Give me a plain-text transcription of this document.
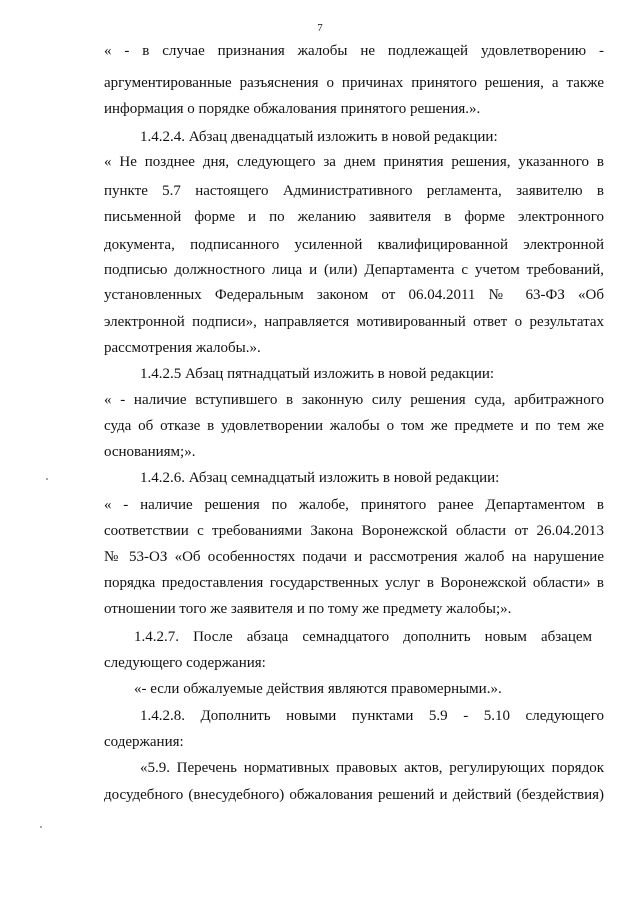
7
« - в случае признания жалобы не подлежащей удовлетворению -
аргументированные разъяснения о причинах принятого решения, а также
информация о порядке обжалования принятого решения.».
1.4.2.4. Абзац двенадцатый изложить в новой редакции:
« Не позднее дня, следующего за днем принятия решения, указанного в
пункте 5.7 настоящего Административного регламента, заявителю в
письменной форме и по желанию заявителя в форме электронного
документа, подписанного усиленной квалифицированной электронной
подписью должностного лица и (или) Департамента с учетом требований,
установленных Федеральным законом от 06.04.2011 № 63-ФЗ «Об
электронной подписи», направляется мотивированный ответ о результатах
рассмотрения жалобы.».
1.4.2.5 Абзац пятнадцатый изложить в новой редакции:
« - наличие вступившего в законную силу решения суда, арбитражного
суда об отказе в удовлетворении жалобы о том же предмете и по тем же
основаниям;».
1.4.2.6. Абзац семнадцатый изложить в новой редакции:
« - наличие решения по жалобе, принятого ранее Департаментом в
соответствии с требованиями Закона Воронежской области от 26.04.2013
№ 53-ОЗ «Об особенностях подачи и рассмотрения жалоб на нарушение
порядка предоставления государственных услуг в Воронежской области» в
отношении того же заявителя и по тому же предмету жалобы;».
1.4.2.7. После абзаца семнадцатого дополнить новым абзацем
следующего содержания:
«- если обжалуемые действия являются правомерными.».
1.4.2.8. Дополнить новыми пунктами 5.9 - 5.10 следующего
содержания:
«5.9. Перечень нормативных правовых актов, регулирующих порядок
досудебного (внесудебного) обжалования решений и действий (бездействия)
